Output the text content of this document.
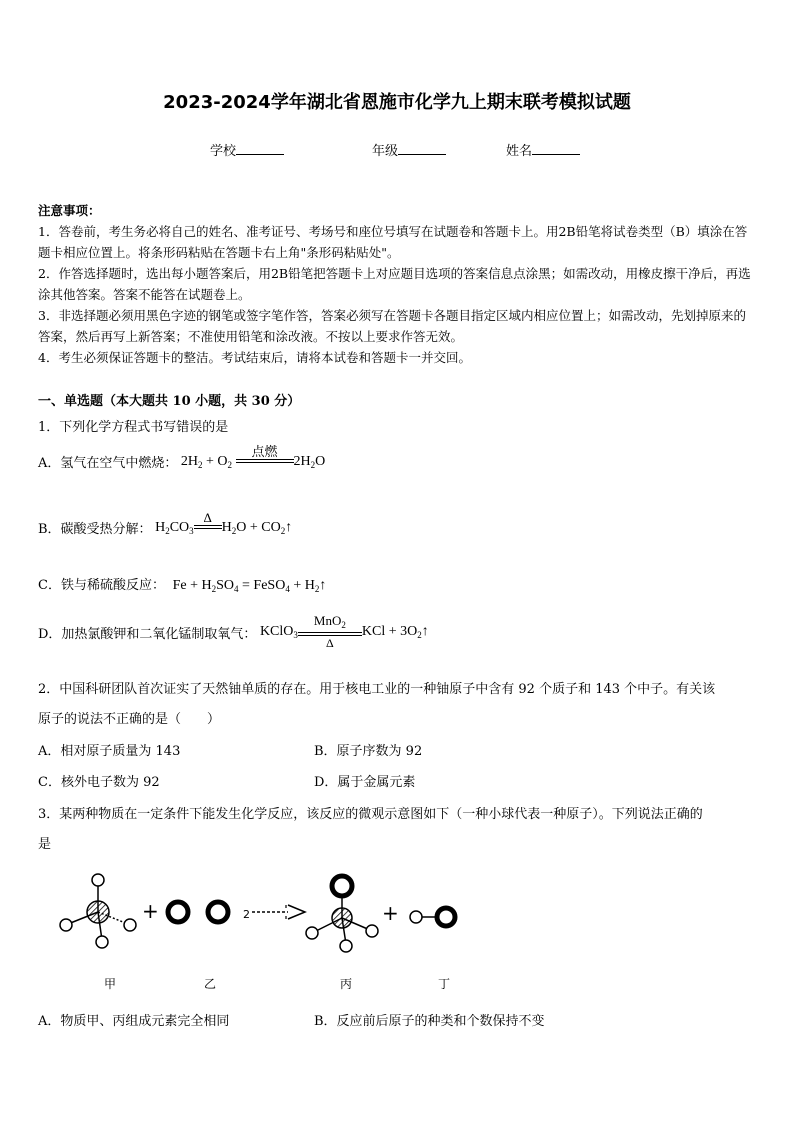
2023-2024学年湖北省恩施市化学九上期末联考模拟试题
学校	年级	姓名
注意事项：
1．答卷前，考生务必将自己的姓名、准考证号、考场号和座位号填写在试题卷和答题卡上。用2B铅笔将试卷类型（B）填涂在答题卡相应位置上。将条形码粘贴在答题卡右上角"条形码粘贴处"。
2．作答选择题时，选出每小题答案后，用2B铅笔把答题卡上对应题目选项的答案信息点涂黑；如需改动，用橡皮擦干净后，再选涂其他答案。答案不能答在试题卷上。
3．非选择题必须用黑色字迹的钢笔或签字笔作答，答案必须写在答题卡各题目指定区域内相应位置上；如需改动，先划掉原来的答案，然后再写上新答案；不准使用铅笔和涂改液。不按以上要求作答无效。
4．考生必须保证答题卡的整洁。考试结束后，请将本试卷和答题卡一并交回。
一、单选题（本大题共 10 小题，共 30 分）
1．下列化学方程式书写错误的是
A．氢气在空气中燃烧： $2H_2 + O_2$
点燃
$2H_2O$
B．碳酸受热分解： $H_2CO_3$
Δ
$H_2O$ + $CO_2↑$
C．铁与稀硫酸反应：  $Fe + H_2SO_4$ = FeSO$_4$ + $H_2↑$
D．加热氯酸钾和二氧化锰制取氧气： KClO$_3$
MnO$_2$
Δ
KCl + $3O_2↑$
2．中国科研团队首次证实了天然铀单质的存在。用于核电工业的一种铀原子中含有 92 个质子和 143 个中子。有关该
原子的说法不正确的是（　　）
A．相对原子质量为 143	B．原子序数为 92
C．核外电子数为 92	D．属于金属元素
3．某两种物质在一定条件下能发生化学反应，该反应的微观示意图如下（一种小球代表一种原子）。下列说法正确的
是
+	2	+
甲	乙	丙	丁
A．物质甲、丙组成元素完全相同	B．反应前后原子的种类和个数保持不变
